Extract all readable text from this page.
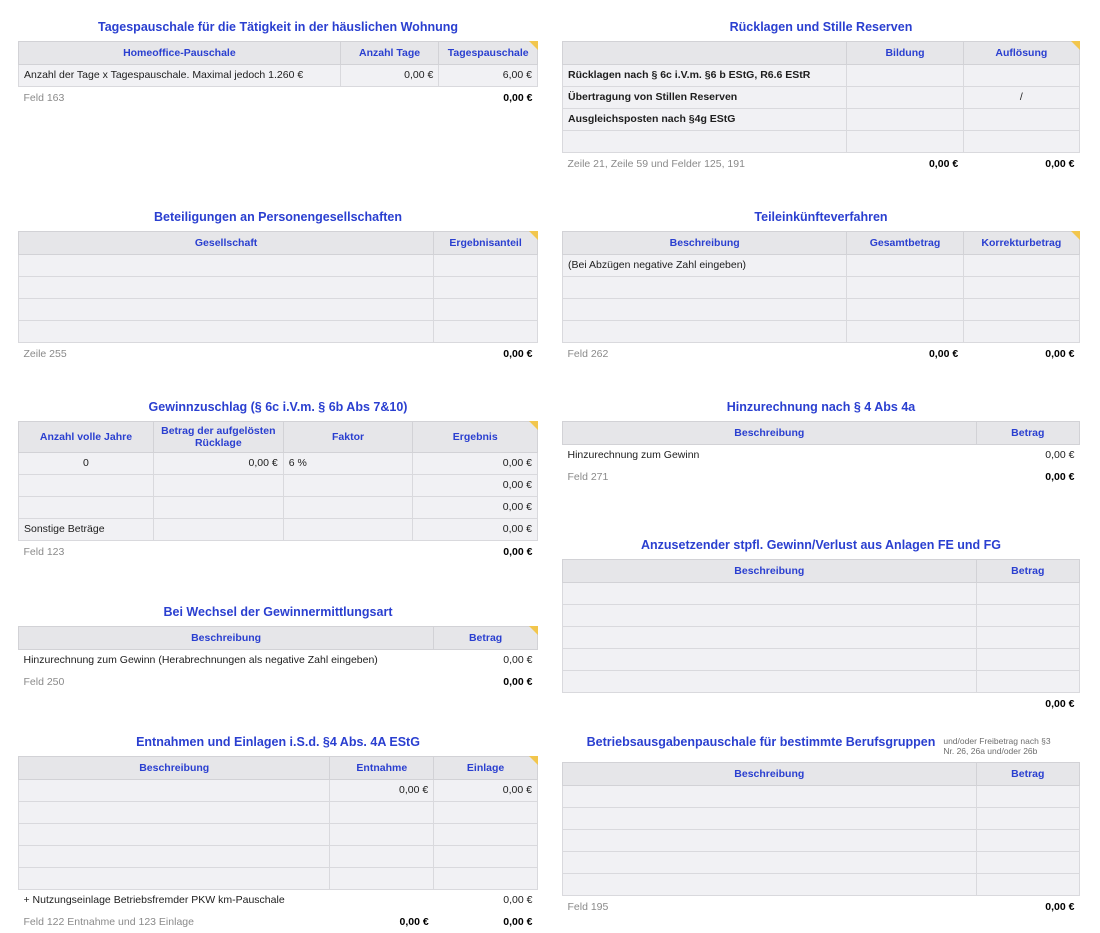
Tagespauschale für die Tätigkeit in der häuslichen Wohnung
Homeoffice-Pauschale	Anzahl Tage	Tagespauschale
Anzahl der Tage x Tagespauschale. Maximal jedoch 1.260 €	0,00 €	6,00 €
Feld 163		0,00 €
Rücklagen und Stille Reserven
	Bildung	Auflösung
Rücklagen nach § 6c i.V.m. §6 b EStG, R6.6 EStR		
Übertragung von Stillen Reserven		/
Ausgleichsposten nach §4g EStG		

Zeile 21, Zeile 59 und Felder 125, 191	0,00 €	0,00 €
Beteiligungen an Personengesellschaften
Gesellschaft	Ergebnisanteil

Zeile 255	0,00 €
Teileinkünfteverfahren
Beschreibung	Gesamtbetrag	Korrekturbetrag
(Bei Abzügen negative Zahl eingeben)		

Feld 262	0,00 €	0,00 €
Gewinnzuschlag (§ 6c i.V.m. § 6b Abs 7&10)
Anzahl volle Jahre	Betrag der aufgelösten Rücklage	Faktor	Ergebnis
0	0,00 €	6 %	0,00 €
			0,00 €
			0,00 €
Sonstige Beträge			0,00 €
Feld 123			0,00 €
Hinzurechnung nach § 4 Abs 4a
Beschreibung	Betrag
Hinzurechnung zum Gewinn	0,00 €
Feld 271	0,00 €
Anzusetzender stpfl. Gewinn/Verlust aus Anlagen FE und FG
Beschreibung	Betrag

	0,00 €
Bei Wechsel der Gewinnermittlungsart
Beschreibung	Betrag
Hinzurechnung zum Gewinn (Herabrechnungen als negative Zahl eingeben)	0,00 €
Feld 250	0,00 €
Entnahmen und Einlagen i.S.d. §4 Abs. 4A EStG
Beschreibung	Entnahme	Einlage
	0,00 €	0,00 €

+ Nutzungseinlage Betriebsfremder PKW km-Pauschale		0,00 €
Feld 122 Entnahme und 123 Einlage	0,00 €	0,00 €
Betriebsausgabenpauschale für bestimmte Berufsgruppen und/oder Freibetrag nach §3 Nr. 26, 26a und/oder 26b
Beschreibung	Betrag

Feld 195	0,00 €
